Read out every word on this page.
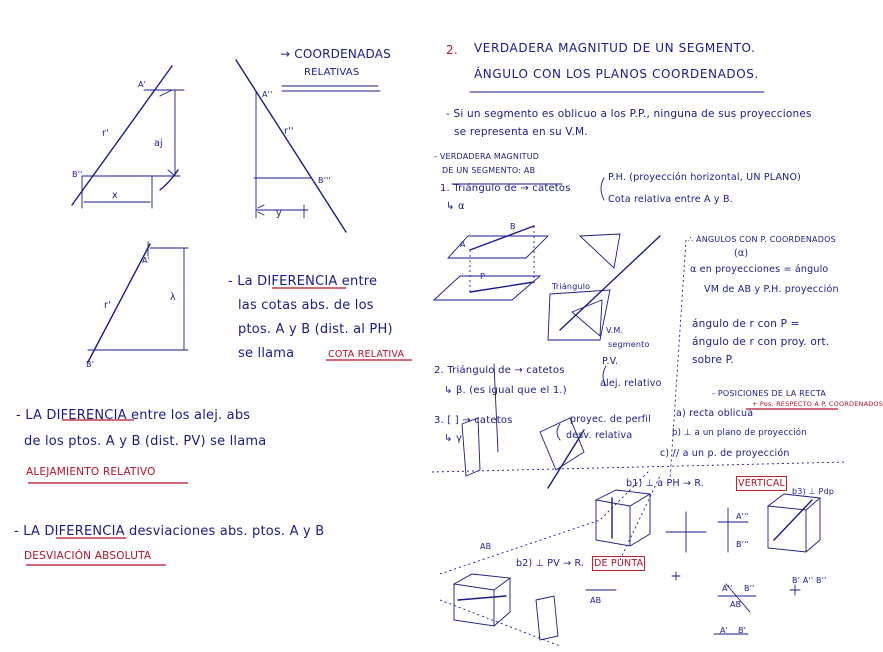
→ COORDENADAS

RELATIVAS

A'

r'

aj

B''

x

A''

r''

B'''

y

A'

r'

λ

B'

- La DIFERENCIA entre

las cotas abs. de los

ptos. A y B (dist. al PH)

se llama	COTA RELATIVA

- LA DIFERENCIA entre los alej. abs

de los ptos. A y B (dist. PV) se llama

ALEJAMIENTO RELATIVO

- LA DIFERENCIA desviaciones abs. ptos. A y B

DESVIACIÓN ABSOLUTA

2. VERDADERA MAGNITUD DE UN SEGMENTO.

ÁNGULO CON LOS PLANOS COORDENADOS.

- Si un segmento es oblicuo a los P.P., ninguna de sus proyecciones

se representa en su V.M.

- VERDADERA MAGNITUD

DE UN SEGMENTO: AB

1. Triángulo de → catetos

↳ α

P.H. (proyección horizontal, UN PLANO)

Cota relativa entre A y B.

A

B

P

Triángulo

V.M.

segmento

∴ ÁNGULOS CON P. COORDENADOS

(α)

α en proyecciones = ángulo

VM de AB y P.H. proyección

ángulo de r con P =

ángulo de r con proy. ort.

sobre P.

2. Triángulo de → catetos

↳ β. (es igual que el 1.)

P.V.

alej. relativo

3. [ ] → catetos

↳ γ

proyec. de perfil

desv. relativa

- POSICIONES DE LA RECTA

a) recta oblicua

+ Pos. RESPECTO A P. COORDENADOS

b) ⊥ a un plano de proyección

c) // a un p. de proyección

b1) ⊥ a PH → R.	VERTICAL

b3) ⊥ Pdp

b2) ⊥ PV → R. DE PUNTA

AB

AB

AB

A'' B''

B' A'' B''

A'''

B'''

A' B'
